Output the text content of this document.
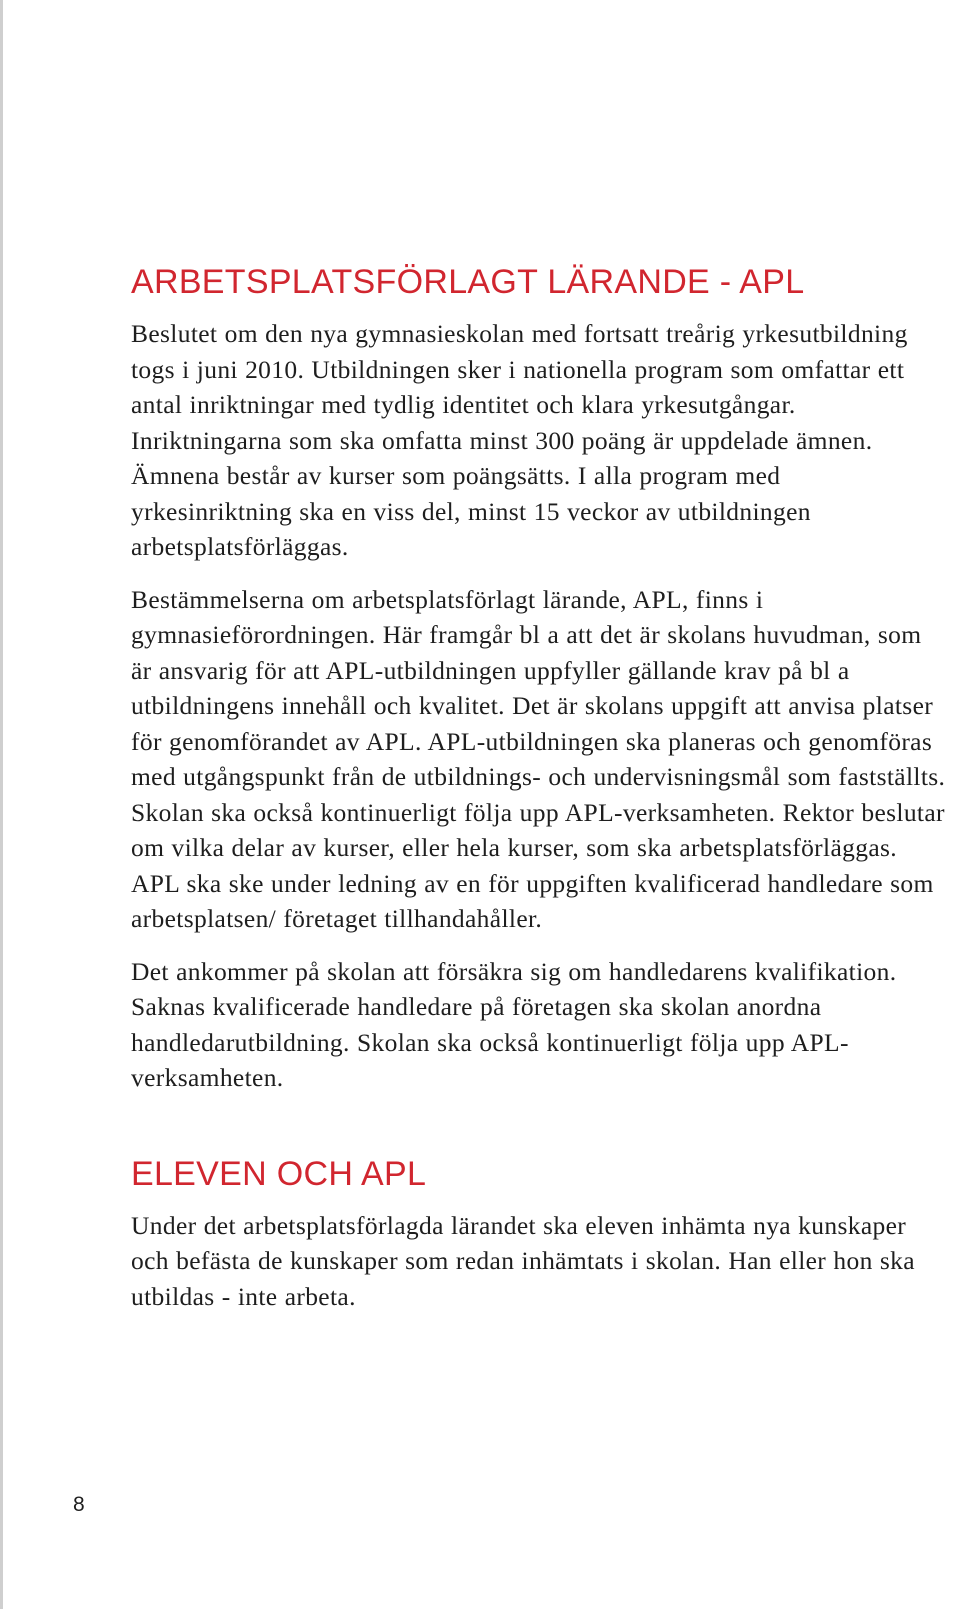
ARBETSPLATSFÖRLAGT LÄRANDE - APL

Beslutet om den nya gymnasieskolan med fortsatt treårig yrkesutbildning togs i juni 2010. Utbildningen sker i nationella program som omfattar ett antal inriktningar med tydlig identitet och klara yrkesutgångar. Inriktningarna som ska omfatta minst 300 poäng är uppdelade ämnen. Ämnena består av kurser som poängsätts. I alla program med yrkesinriktning ska en viss del, minst 15 veckor av utbildningen arbetsplatsförläggas.

Bestämmelserna om arbetsplatsförlagt lärande, APL, finns i gymnasieförordningen. Här framgår bl a att det är skolans huvudman, som är ansvarig för att APL-utbildningen uppfyller gällande krav på bl a utbildningens innehåll och kvalitet. Det är skolans uppgift att anvisa platser för genomförandet av APL. APL-utbildningen ska planeras och genomföras med utgångspunkt från de utbildnings- och undervisningsmål som fastställts. Skolan ska också kontinuerligt följa upp APL-verksamheten. Rektor beslutar om vilka delar av kurser, eller hela kurser, som ska arbetsplatsförläggas. APL ska ske under ledning av en för uppgiften kvalificerad handledare som arbetsplatsen/ företaget tillhandahåller.

Det ankommer på skolan att försäkra sig om handledarens kvalifikation. Saknas kvalificerade handledare på företagen ska skolan anordna handledarutbildning. Skolan ska också kontinuerligt följa upp APL-verksamheten.

ELEVEN OCH APL

Under det arbetsplatsförlagda lärandet ska eleven inhämta nya kunskaper och befästa de kunskaper som redan inhämtats i skolan. Han eller hon ska utbildas - inte arbeta.

8
